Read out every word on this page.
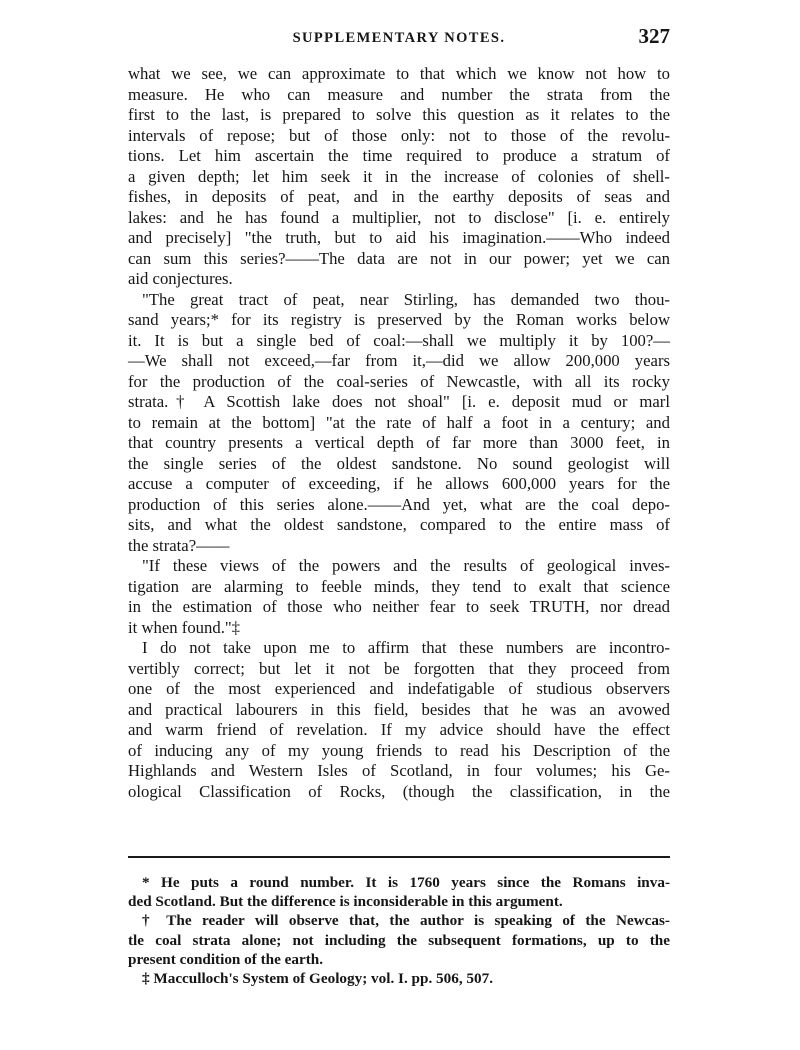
SUPPLEMENTARY NOTES.	327
what we see, we can approximate to that which we know not how to
measure. He who can measure and number the strata from the
first to the last, is prepared to solve this question as it relates to the
intervals of repose; but of those only: not to those of the revolu-
tions. Let him ascertain the time required to produce a stratum of
a given depth; let him seek it in the increase of colonies of shell-
fishes, in deposits of peat, and in the earthy deposits of seas and
lakes: and he has found a multiplier, not to disclose" [i. e. entirely
and precisely] "the truth, but to aid his imagination.——Who indeed
can sum this series?——The data are not in our power; yet we can
aid conjectures.
"The great tract of peat, near Stirling, has demanded two thou-
sand years;* for its registry is preserved by the Roman works below
it. It is but a single bed of coal:—shall we multiply it by 100?—
—We shall not exceed,—far from it,—did we allow 200,000 years
for the production of the coal-series of Newcastle, with all its rocky
strata.† A Scottish lake does not shoal" [i. e. deposit mud or marl
to remain at the bottom] "at the rate of half a foot in a century; and
that country presents a vertical depth of far more than 3000 feet, in
the single series of the oldest sandstone. No sound geologist will
accuse a computer of exceeding, if he allows 600,000 years for the
production of this series alone.——And yet, what are the coal depo-
sits, and what the oldest sandstone, compared to the entire mass of
the strata?——
"If these views of the powers and the results of geological inves-
tigation are alarming to feeble minds, they tend to exalt that science
in the estimation of those who neither fear to seek TRUTH, nor dread
it when found."‡
I do not take upon me to affirm that these numbers are incontro-
vertibly correct; but let it not be forgotten that they proceed from
one of the most experienced and indefatigable of studious observers
and practical labourers in this field, besides that he was an avowed
and warm friend of revelation. If my advice should have the effect
of inducing any of my young friends to read his Description of the
Highlands and Western Isles of Scotland, in four volumes; his Ge-
ological Classification of Rocks, (though the classification, in the
* He puts a round number. It is 1760 years since the Romans inva-
ded Scotland. But the difference is inconsiderable in this argument.
† The reader will observe that, the author is speaking of the Newcas-
tle coal strata alone; not including the subsequent formations, up to the
present condition of the earth.
‡ Macculloch's System of Geology; vol. I. pp. 506, 507.
